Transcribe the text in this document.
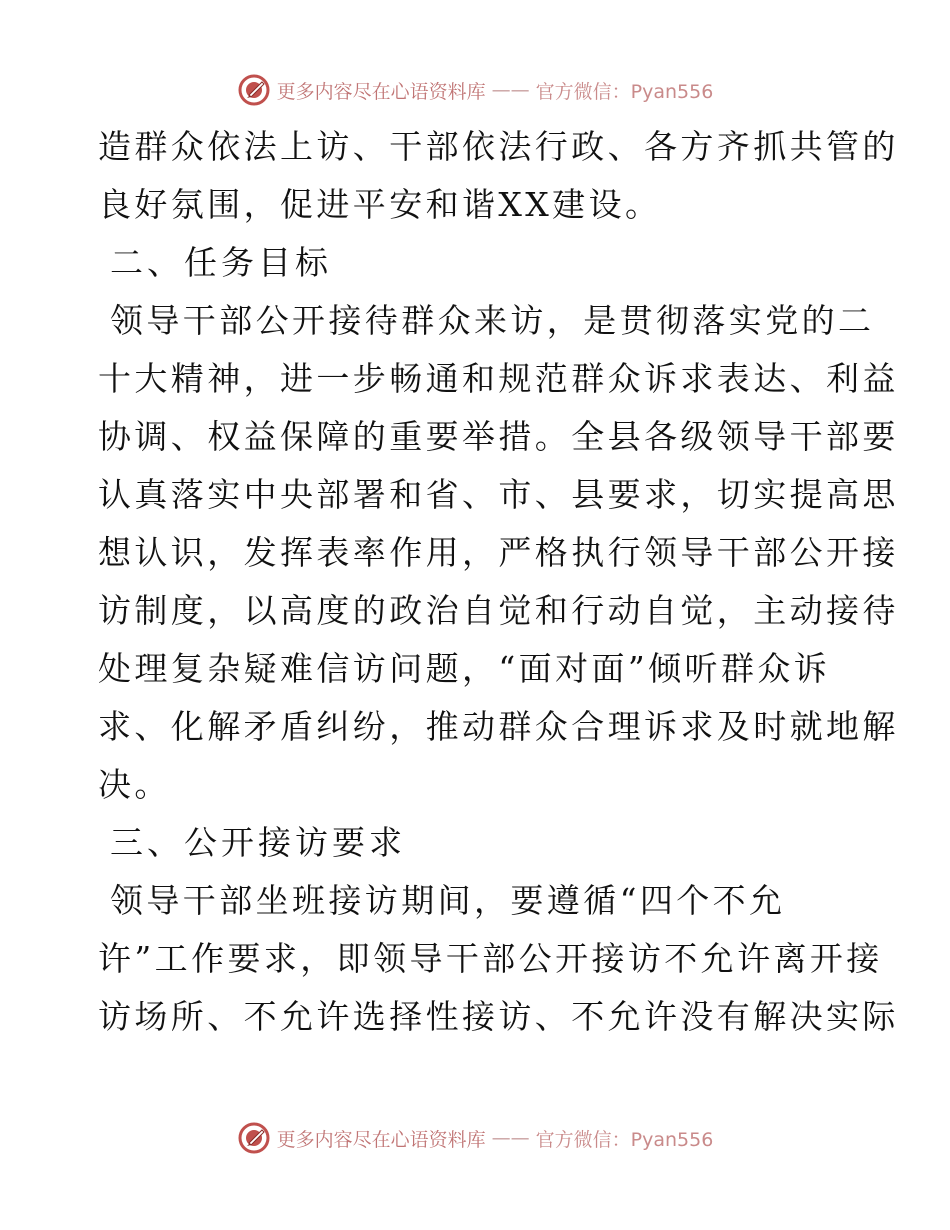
更多内容尽在心语资料库 —— 官方微信：Pyan556
造群众依法上访、干部依法行政、各方齐抓共管的
良好氛围，促进平安和谐XX建设。
二、任务目标
领导干部公开接待群众来访，是贯彻落实党的二
十大精神，进一步畅通和规范群众诉求表达、利益
协调、权益保障的重要举措。全县各级领导干部要
认真落实中央部署和省、市、县要求，切实提高思
想认识，发挥表率作用，严格执行领导干部公开接
访制度，以高度的政治自觉和行动自觉，主动接待
处理复杂疑难信访问题，“面对面”倾听群众诉
求、化解矛盾纠纷，推动群众合理诉求及时就地解
决。
三、公开接访要求
领导干部坐班接访期间，要遵循“四个不允
许”工作要求，即领导干部公开接访不允许离开接
访场所、不允许选择性接访、不允许没有解决实际
更多内容尽在心语资料库 —— 官方微信：Pyan556
